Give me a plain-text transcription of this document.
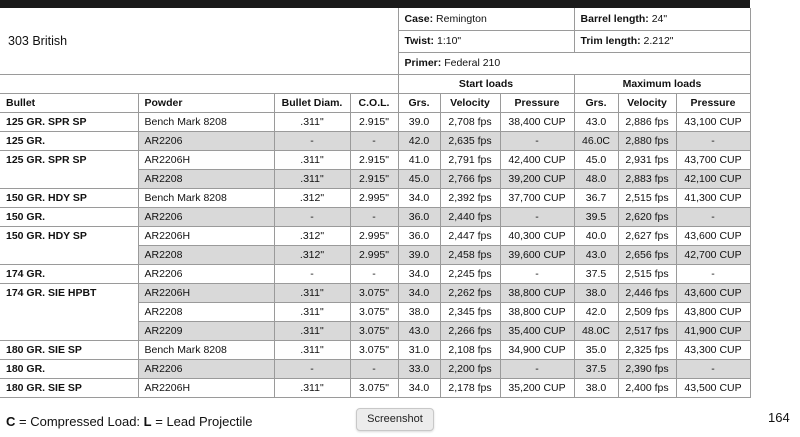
303 British				Case: Remington			Barrel length: 24"		
				Twist: 1:10"			Trim length: 2.212"		
				Primer: Federal 210					
				Start loads			Maximum loads		
Bullet	Powder	Bullet Diam.	C.O.L.	Grs.	Velocity	Pressure	Grs.	Velocity	Pressure
125 GR. SPR SP	Bench Mark 8208	.311"	2.915"	39.0	2,708 fps	38,400 CUP	43.0	2,886 fps	43,100 CUP
125 GR.	AR2206	-	-	42.0	2,635 fps	-	46.0C	2,880 fps	-
125 GR. SPR SP	AR2206H	.311"	2.915"	41.0	2,791 fps	42,400 CUP	45.0	2,931 fps	43,700 CUP
	AR2208	.311"	2.915"	45.0	2,766 fps	39,200 CUP	48.0	2,883 fps	42,100 CUP
150 GR. HDY SP	Bench Mark 8208	.312"	2.995"	34.0	2,392 fps	37,700 CUP	36.7	2,515 fps	41,300 CUP
150 GR.	AR2206	-	-	36.0	2,440 fps	-	39.5	2,620 fps	-
150 GR. HDY SP	AR2206H	.312"	2.995"	36.0	2,447 fps	40,300 CUP	40.0	2,627 fps	43,600 CUP
	AR2208	.312"	2.995"	39.0	2,458 fps	39,600 CUP	43.0	2,656 fps	42,700 CUP
174 GR.	AR2206	-	-	34.0	2,245 fps	-	37.5	2,515 fps	-
174 GR. SIE HPBT	AR2206H	.311"	3.075"	34.0	2,262 fps	38,800 CUP	38.0	2,446 fps	43,600 CUP
	AR2208	.311"	3.075"	38.0	2,345 fps	38,800 CUP	42.0	2,509 fps	43,800 CUP
	AR2209	.311"	3.075"	43.0	2,266 fps	35,400 CUP	48.0C	2,517 fps	41,900 CUP
180 GR. SIE SP	Bench Mark 8208	.311"	3.075"	31.0	2,108 fps	34,900 CUP	35.0	2,325 fps	43,300 CUP
180 GR.	AR2206	-	-	33.0	2,200 fps	-	37.5	2,390 fps	-
180 GR. SIE SP	AR2206H	.311"	3.075"	34.0	2,178 fps	35,200 CUP	38.0	2,400 fps	43,500 CUP
C = Compressed Load: L = Lead Projectile	Screenshot	164
